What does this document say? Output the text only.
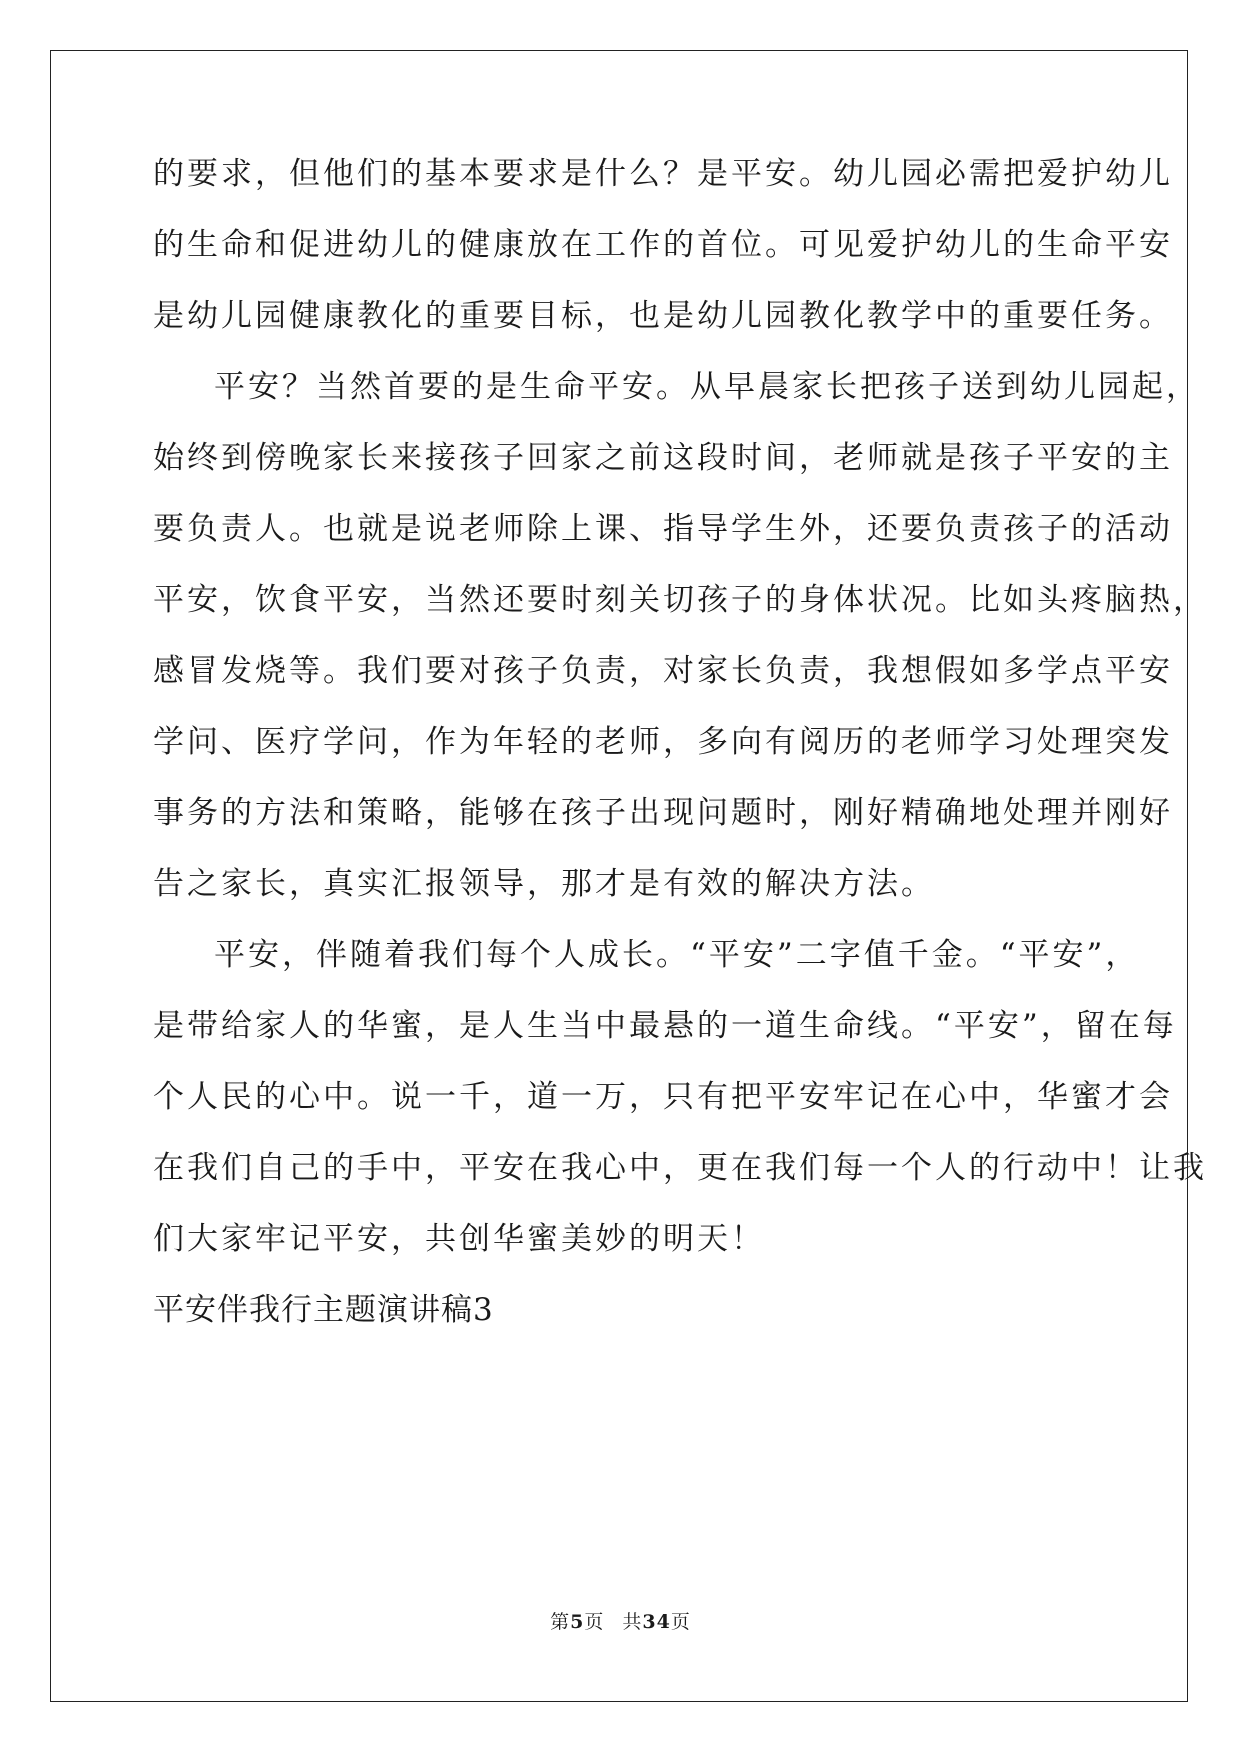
的要求，但他们的基本要求是什么？是平安。幼儿园必需把爱护幼儿
的生命和促进幼儿的健康放在工作的首位。可见爱护幼儿的生命平安
是幼儿园健康教化的重要目标，也是幼儿园教化教学中的重要任务。
平安？当然首要的是生命平安。从早晨家长把孩子送到幼儿园起，
始终到傍晚家长来接孩子回家之前这段时间，老师就是孩子平安的主
要负责人。也就是说老师除上课、指导学生外，还要负责孩子的活动
平安，饮食平安，当然还要时刻关切孩子的身体状况。比如头疼脑热，
感冒发烧等。我们要对孩子负责，对家长负责，我想假如多学点平安
学问、医疗学问，作为年轻的老师，多向有阅历的老师学习处理突发
事务的方法和策略，能够在孩子出现问题时，刚好精确地处理并刚好
告之家长，真实汇报领导，那才是有效的解决方法。
平安，伴随着我们每个人成长。“平安”二字值千金。“平安”，
是带给家人的华蜜，是人生当中最悬的一道生命线。“平安”，留在每
个人民的心中。说一千，道一万，只有把平安牢记在心中，华蜜才会
在我们自己的手中，平安在我心中，更在我们每一个人的行动中！让我
们大家牢记平安，共创华蜜美妙的明天！
平安伴我行主题演讲稿3
第5页 共34页
